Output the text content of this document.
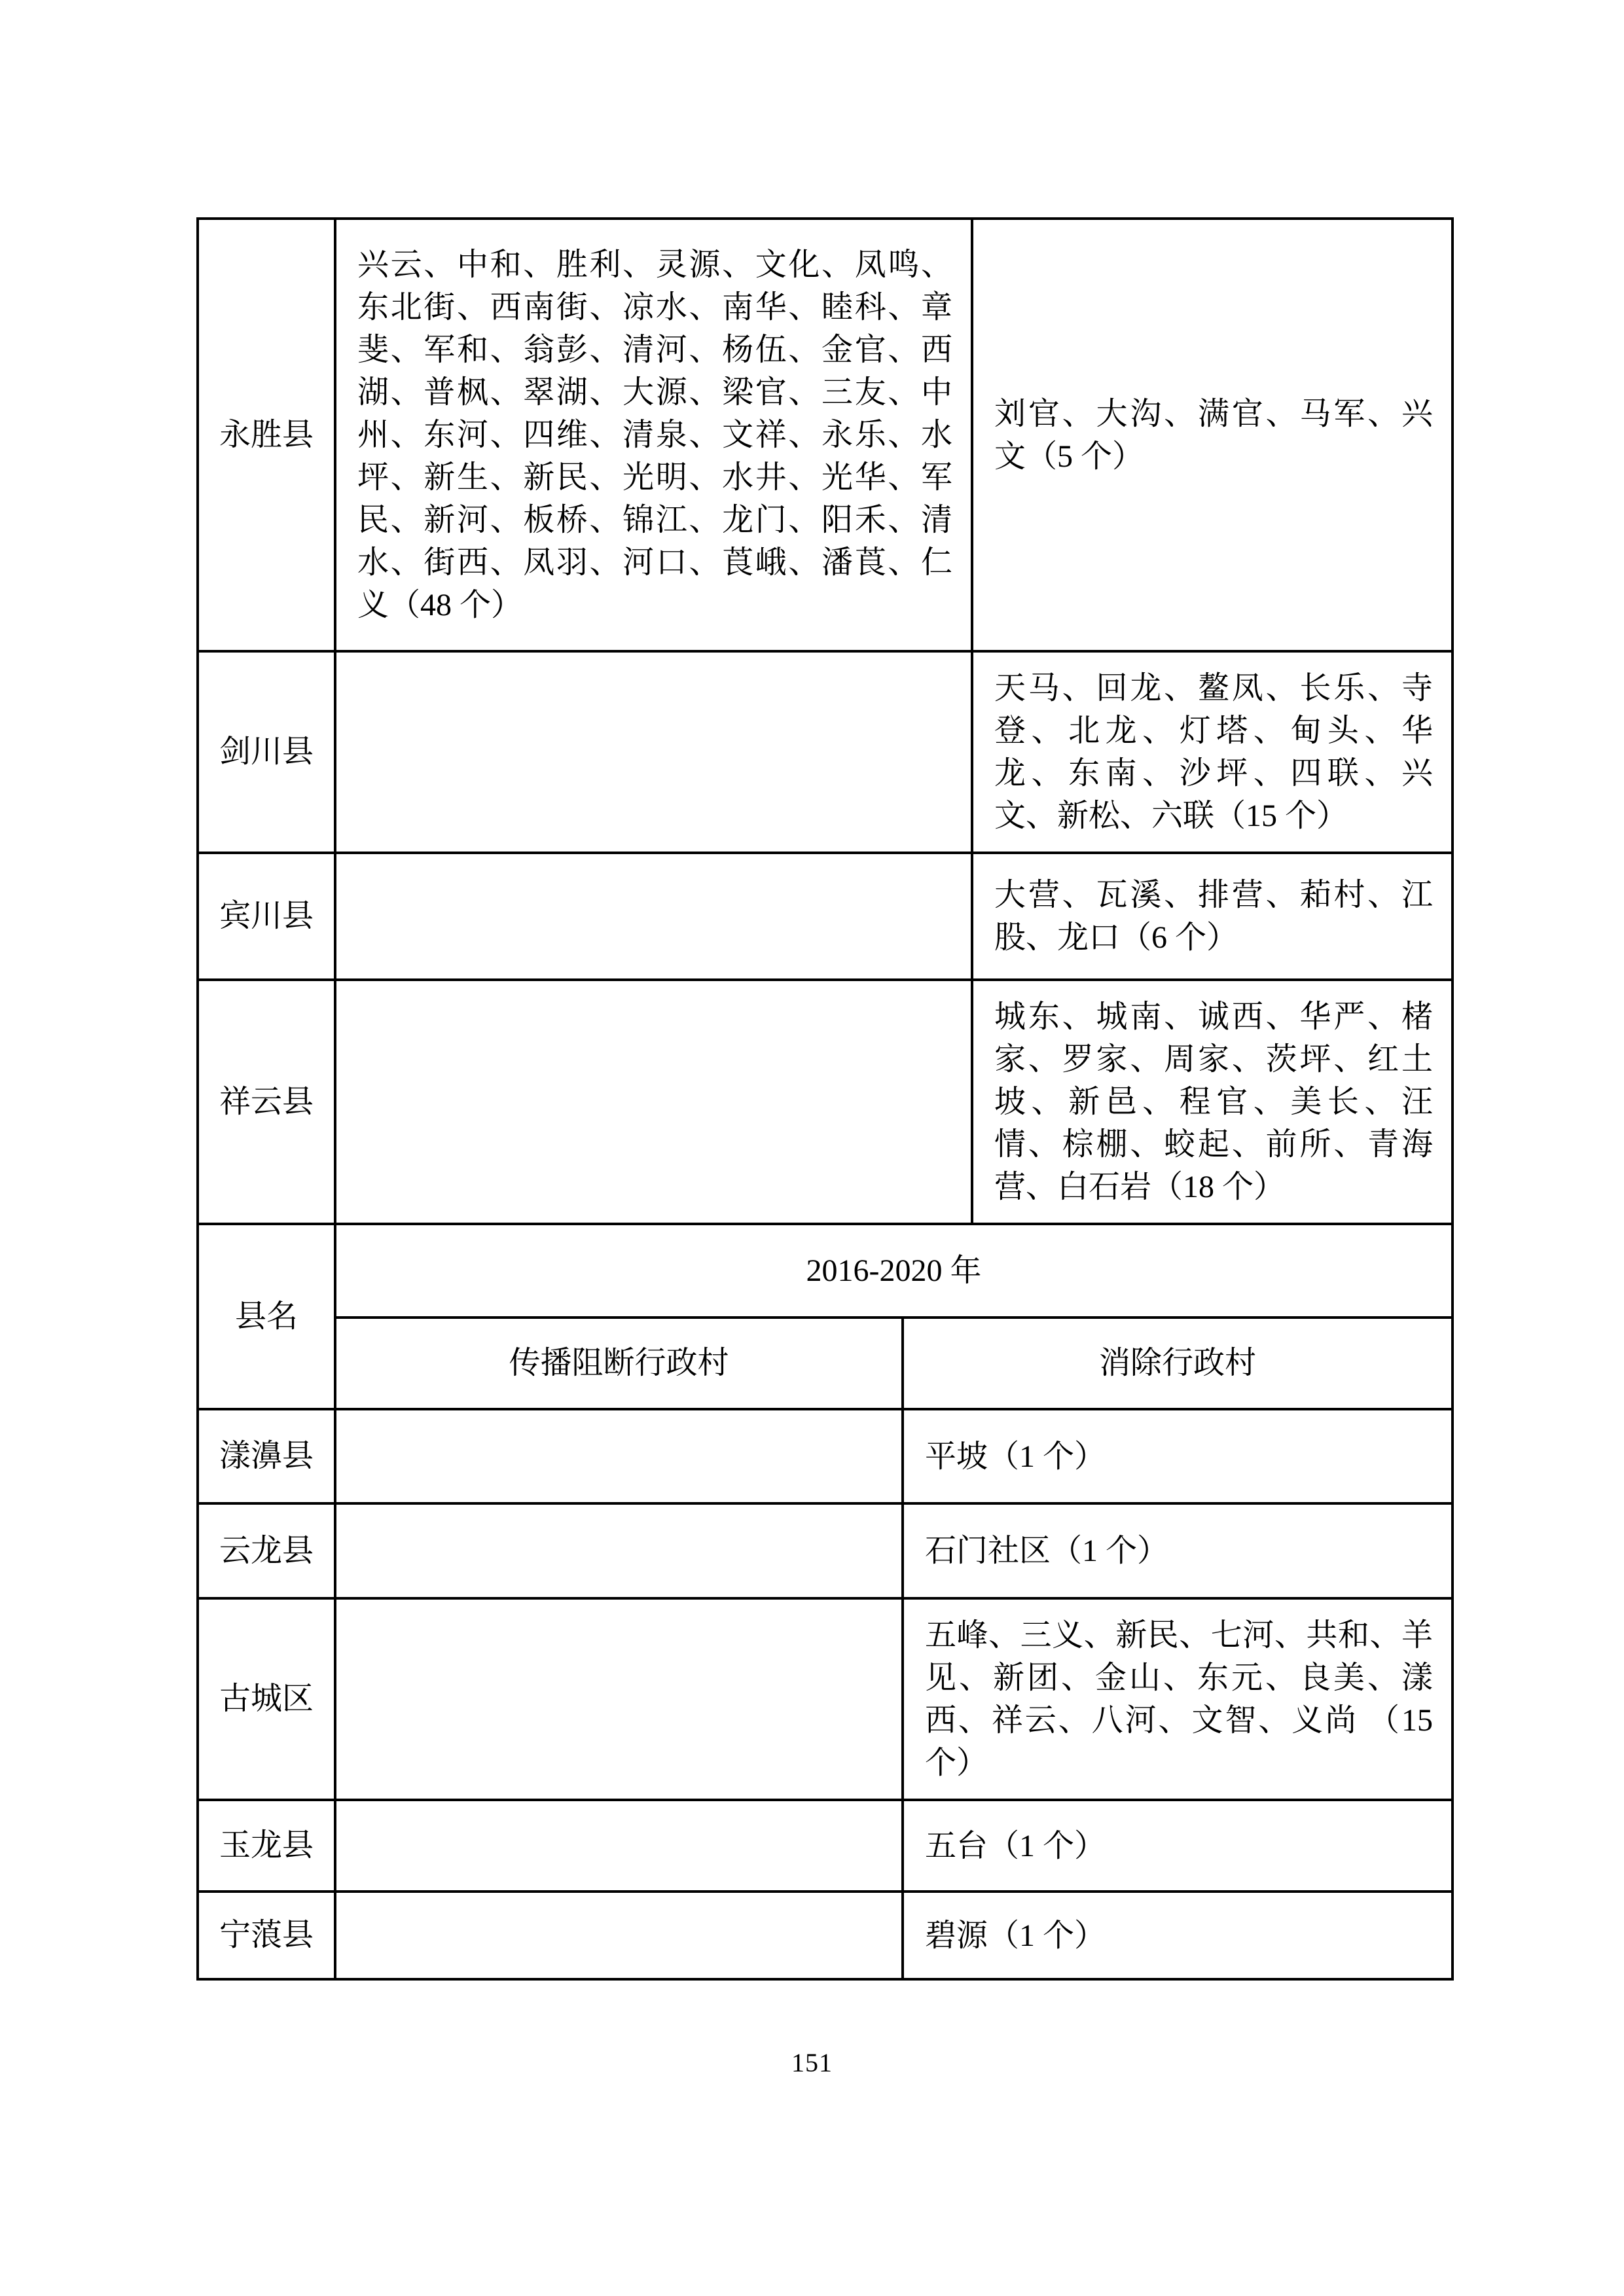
永胜县	兴云、中和、胜利、灵源、文化、凤鸣、东北街、西南街、凉水、南华、睦科、章斐、军和、翁彭、清河、杨伍、金官、西湖、普枫、翠湖、大源、梁官、三友、中州、东河、四维、清泉、文祥、永乐、水坪、新生、新民、光明、水井、光华、军民、新河、板桥、锦江、龙门、阳禾、清水、街西、凤羽、河口、莨峨、潘莨、仁义（48 个）	刘官、大沟、满官、马军、兴文（5 个）
剑川县		天马、回龙、鳌凤、长乐、寺登、北龙、灯塔、甸头、华龙、东南、沙坪、四联、兴文、新松、六联（15 个）
宾川县		大营、瓦溪、排营、萂村、江股、龙口（6 个）
祥云县		城东、城南、诚西、华严、楮家、罗家、周家、茨坪、红土坡、新邑、程官、美长、汪情、棕棚、蛟起、前所、青海营、白石岩（18 个）
县名	2016-2020 年	
	传播阻断行政村	消除行政村
漾濞县		平坡（1 个）
云龙县		石门社区（1 个）
古城区		五峰、三义、新民、七河、共和、羊见、新团、金山、东元、良美、漾西、祥云、八河、文智、义尚 （15 个）
玉龙县		五台（1 个）
宁蒗县		碧源（1 个）
151
